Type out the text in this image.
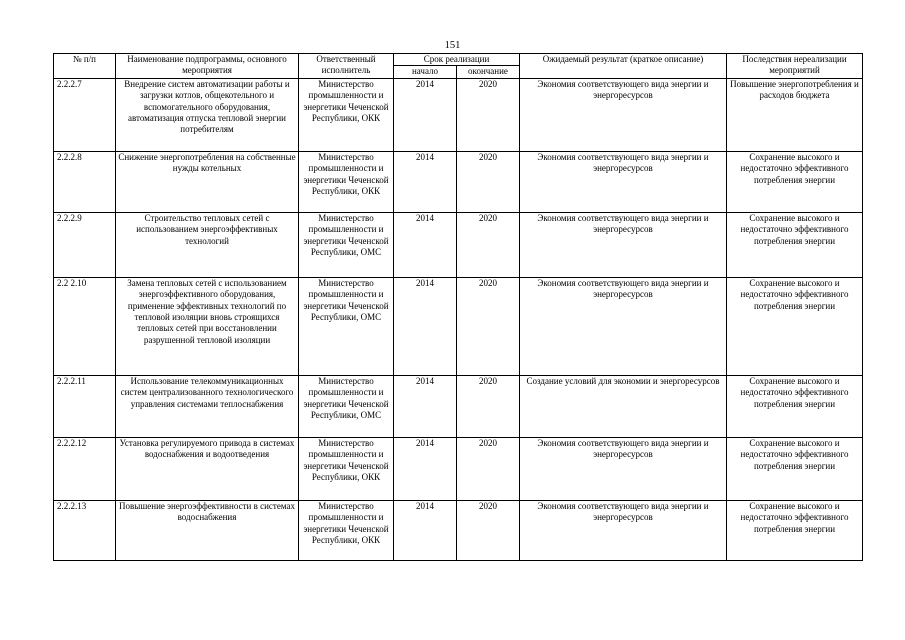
151
№ п/п	Наименование подпрограммы, основного мероприятия	Ответственный исполнитель	Срок реализации		Ожидаемый результат (краткое описание)	Последствия нереализации мероприятий
			начало	окончание		
2.2.2.7	Внедрение систем автоматизации работы и загрузки котлов, общекотельного и вспомогательного оборудования, автоматизация отпуска тепловой энергии потребителям	Министерство промышленности и энергетики Чеченской Республики, ОКК	2014	2020	Экономия соответствующего вида энергии и энергоресурсов	Повышение энергопотребления и расходов бюджета
2.2.2.8	Снижение энергопотребления на собственные нужды котельных	Министерство промышленности и энергетики Чеченской Республики, ОКК	2014	2020	Экономия соответствующего вида энергии и энергоресурсов	Сохранение высокого и недостаточно эффективного потребления энергии
2.2.2.9	Строительство тепловых сетей с использованием энергоэффективных технологий	Министерство промышленности и энергетики Чеченской Республики, ОМС	2014	2020	Экономия соответствующего вида энергии и энергоресурсов	Сохранение высокого и недостаточно эффективного потребления энергии
2.2 2.10	Замена тепловых сетей с использованием энергоэффективного оборудования, применение эффективных технологий по тепловой изоляции вновь строящихся тепловых сетей при восстановлении разрушенной тепловой изоляции	Министерство промышленности и энергетики Чеченской Республики, ОМС	2014	2020	Экономия соответствующего вида энергии и энергоресурсов	Сохранение высокого и недостаточно эффективного потребления энергии
2.2.2.11	Использование телекоммуникационных систем централизованного технологического управления системами теплоснабжения	Министерство промышленности и энергетики Чеченской Республики, ОМС	2014	2020	Создание условий для экономии и энергоресурсов	Сохранение высокого и недостаточно эффективного потребления энергии
2.2.2.12	Установка регулируемого привода в системах водоснабжения и водоотведения	Министерство промышленности и энергетики Чеченской Республики, ОКК	2014	2020	Экономия соответствующего вида энергии и энергоресурсов	Сохранение высокого и недостаточно эффективного потребления энергии
2.2.2.13	Повышение энергоэффективности в системах водоснабжения	Министерство промышленности и энергетики Чеченской Республики, ОКК	2014	2020	Экономия соответствующего вида энергии и энергоресурсов	Сохранение высокого и недостаточно эффективного потребления энергии
